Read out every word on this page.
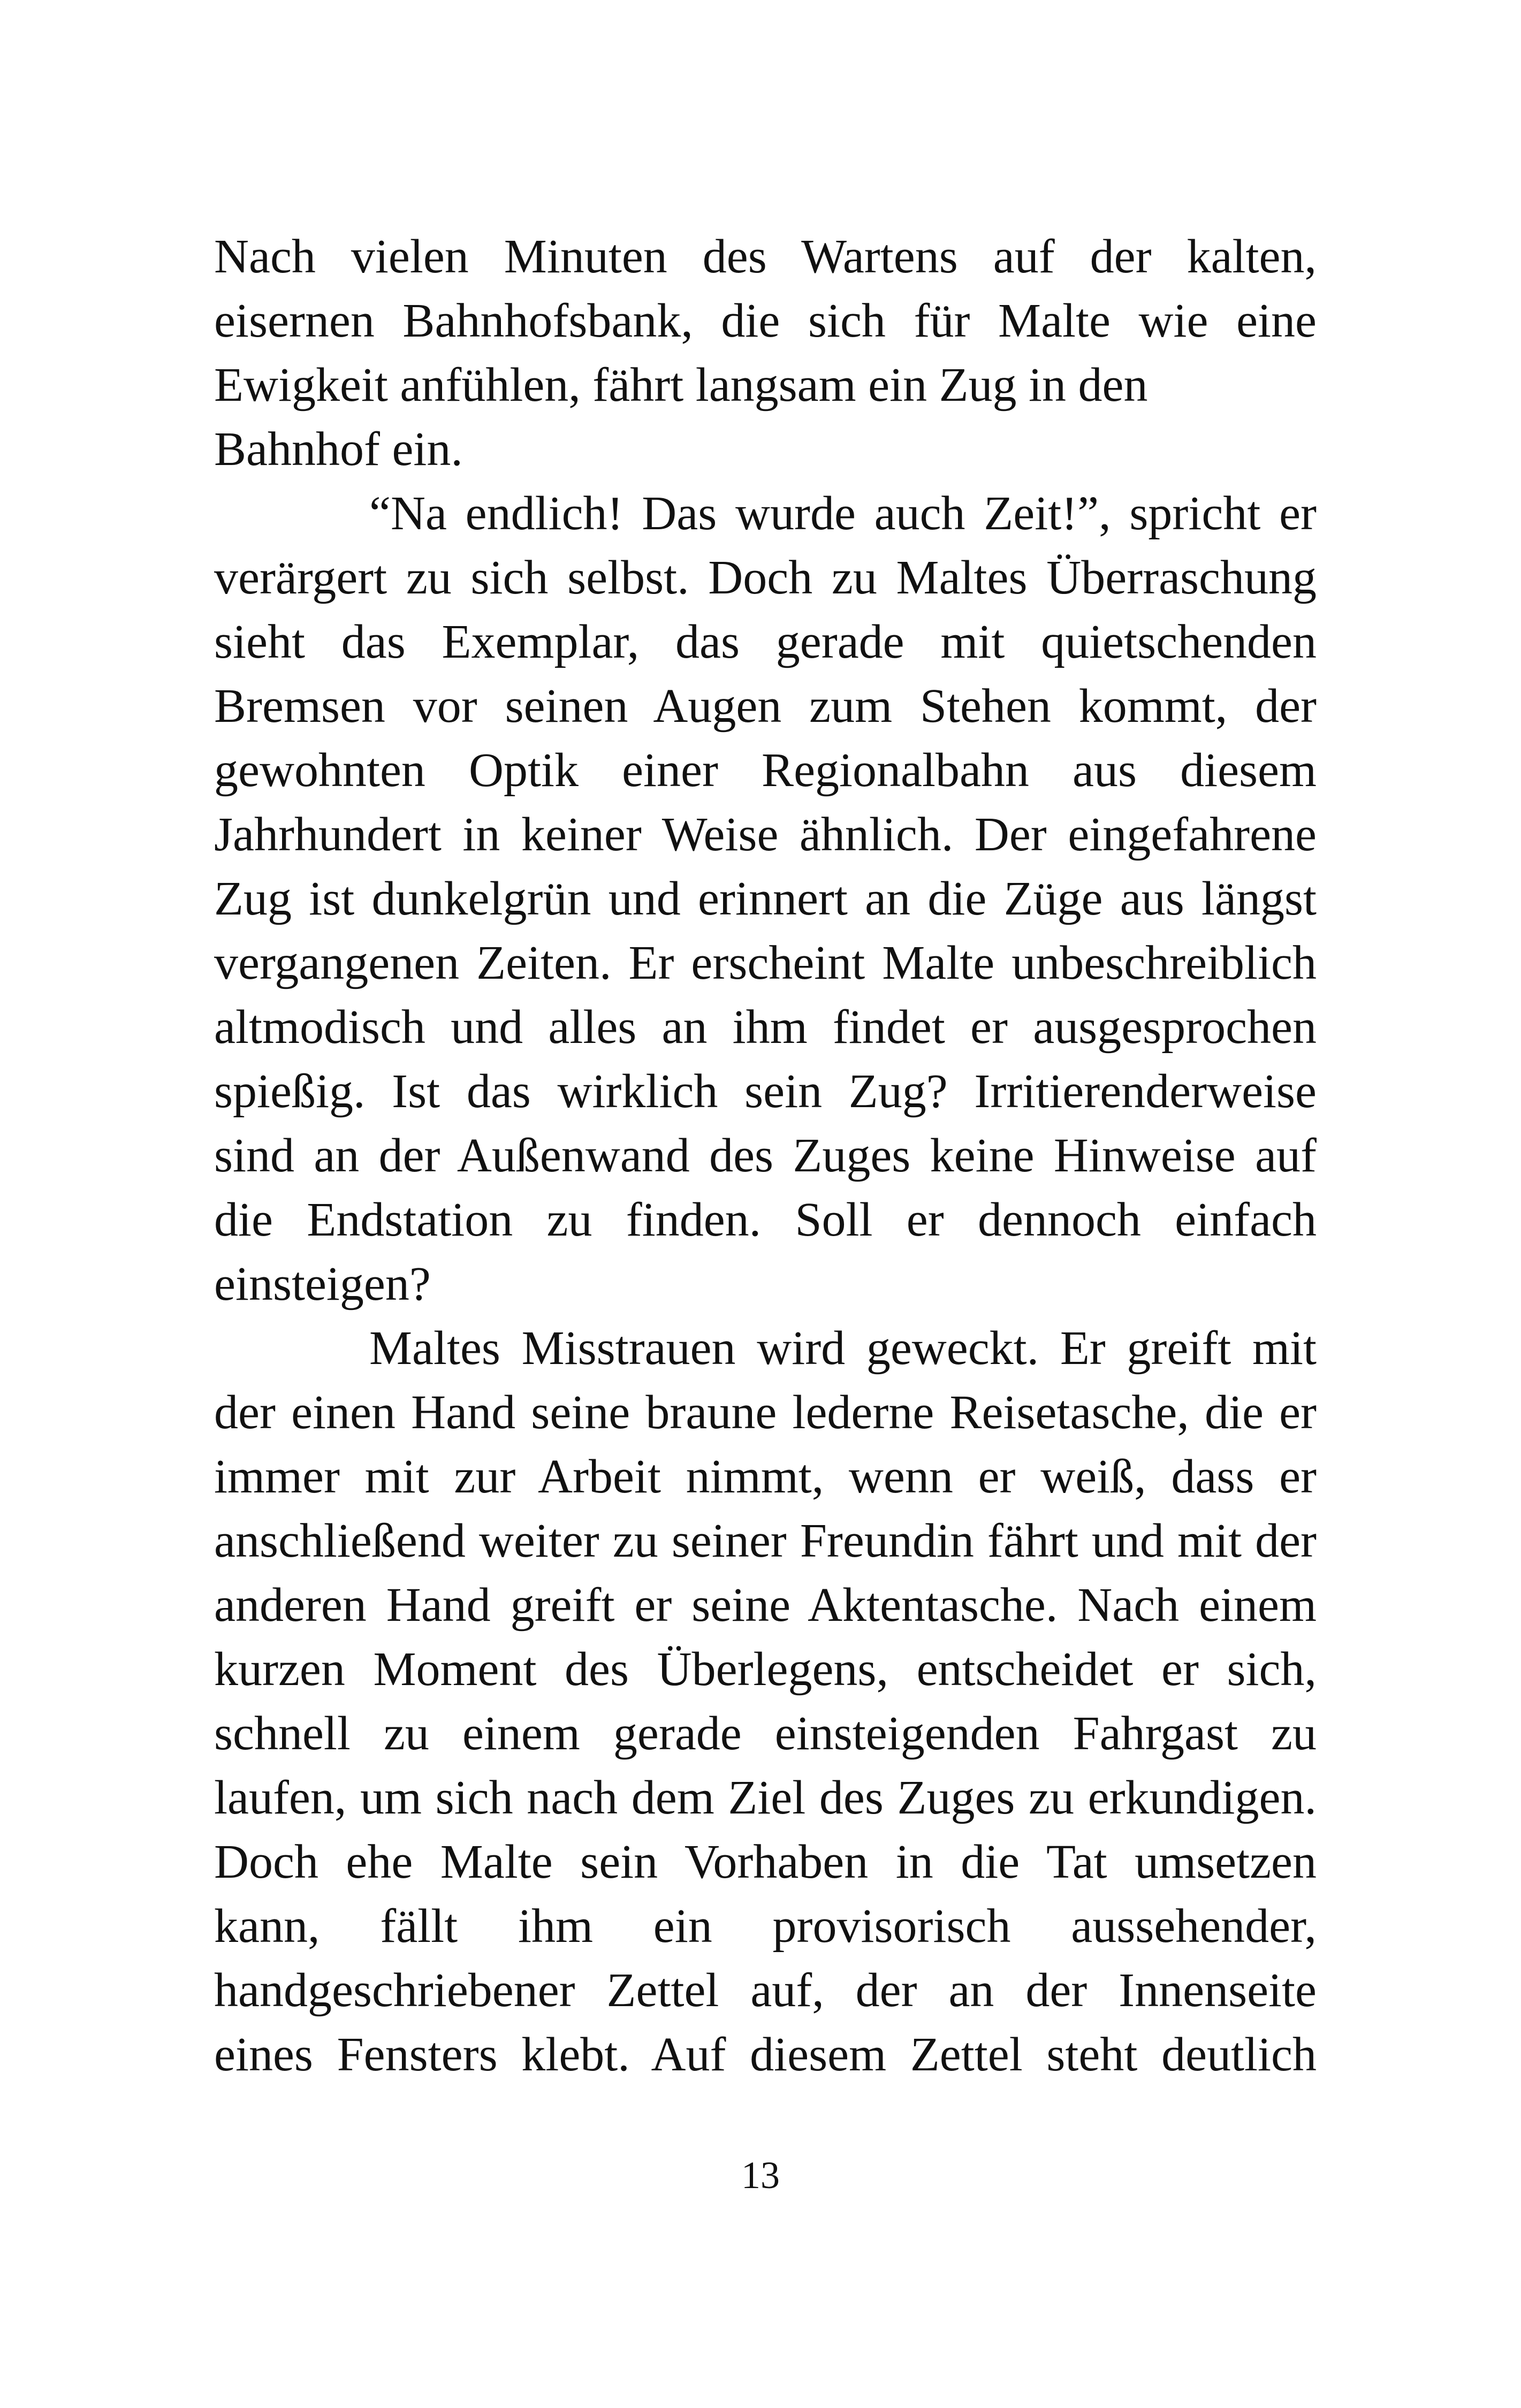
Nach vielen Minuten des Wartens auf der kalten,
eisernen Bahnhofsbank, die sich für Malte wie eine
Ewigkeit anfühlen, fährt langsam ein Zug in den
Bahnhof ein.
“Na endlich! Das wurde auch Zeit!”, spricht er
verärgert zu sich selbst. Doch zu Maltes Überraschung
sieht das Exemplar, das gerade mit quietschenden
Bremsen vor seinen Augen zum Stehen kommt, der
gewohnten Optik einer Regionalbahn aus diesem
Jahrhundert in keiner Weise ähnlich. Der eingefahrene
Zug ist dunkelgrün und erinnert an die Züge aus längst
vergangenen Zeiten. Er erscheint Malte unbeschreiblich
altmodisch und alles an ihm findet er ausgesprochen
spießig. Ist das wirklich sein Zug? Irritierenderweise
sind an der Außenwand des Zuges keine Hinweise auf
die Endstation zu finden. Soll er dennoch einfach
einsteigen?
Maltes Misstrauen wird geweckt. Er greift mit
der einen Hand seine braune lederne Reisetasche, die er
immer mit zur Arbeit nimmt, wenn er weiß, dass er
anschließend weiter zu seiner Freundin fährt und mit der
anderen Hand greift er seine Aktentasche. Nach einem
kurzen Moment des Überlegens, entscheidet er sich,
schnell zu einem gerade einsteigenden Fahrgast zu
laufen, um sich nach dem Ziel des Zuges zu erkundigen.
Doch ehe Malte sein Vorhaben in die Tat umsetzen
kann, fällt ihm ein provisorisch aussehender,
handgeschriebener Zettel auf, der an der Innenseite
eines Fensters klebt. Auf diesem Zettel steht deutlich
13
